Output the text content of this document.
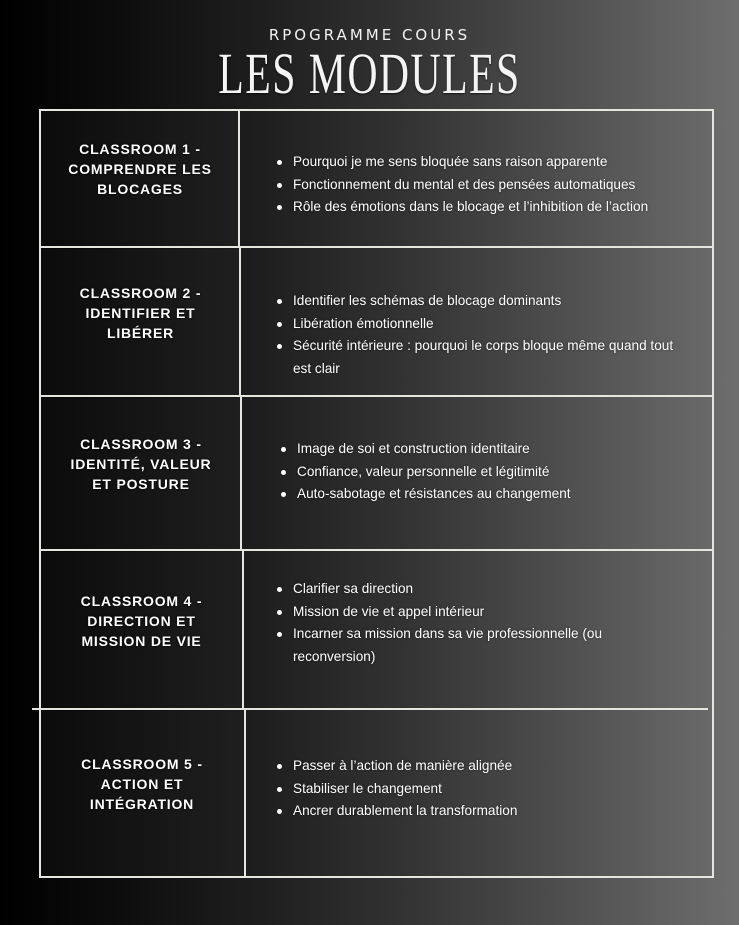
RPOGRAMME COURS
LES MODULES
CLASSROOM 1 - COMPRENDRE LES BLOCAGES
Pourquoi je me sens bloquée sans raison apparente
Fonctionnement du mental et des pensées automatiques
Rôle des émotions dans le blocage et l’inhibition de l’action
CLASSROOM 2 - IDENTIFIER ET LIBÉRER
Identifier les schémas de blocage dominants
Libération émotionnelle
Sécurité intérieure : pourquoi le corps bloque même quand tout est clair
CLASSROOM 3 - IDENTITÉ, VALEUR ET POSTURE
Image de soi et construction identitaire
Confiance, valeur personnelle et légitimité
Auto-sabotage et résistances au changement
CLASSROOM 4 - DIRECTION ET MISSION DE VIE
Clarifier sa direction
Mission de vie et appel intérieur
Incarner sa mission dans sa vie professionnelle (ou reconversion)
CLASSROOM 5 - ACTION ET INTÉGRATION
Passer à l’action de manière alignée
Stabiliser le changement
Ancrer durablement la transformation
